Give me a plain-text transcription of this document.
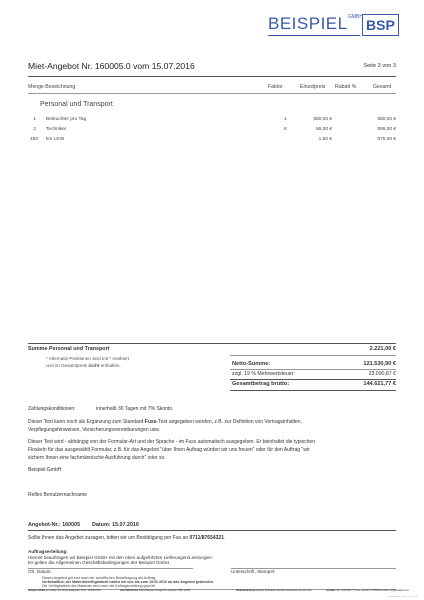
BEISPIEL GMBH BSP
Miet-Angebot Nr. 160005.0 vom 15.07.2016	Seite 3 von 3
Menge Bezeichnung	Faktor	Einzelpreis Rabatt %	Gesamt
Personal und Transport
1 Beleuchter pro Tag	1	650,00 €	650,00 €
2 Techniker	8	56,00 €	896,00 €
450 km LKW	1,50 €	675,00 €
Summe Personal und Transport	2.221,00 €
* Alternativ-Positionen sind mit * markiert
und im Gesamtpreis nicht enthalten.	Netto-Summe:	121.530,90 €
zzgl. 19 % Mehrwertsteuer:	23.090,87 €
Gesamtbetrag brutto:	144.621,77 €
Zahlungskonditionen:	innerhalb 30 Tagen mit 7% Skonto.
Dieser Text kann noch als Ergänzung zum Standard-Fuss-Text angegeben werden, z.B. zur Definition von Vertragsinhalten,
Verpflegungshinweisen, Versicherungsvereinbarungen usw.
Dieser Text wird - abhängig von der Formular-Art und der Sprache - im Fuss automatisch ausgegeben. Er beinhaltet die typischen
Floskeln für das ausgewählt Formular, z.B. für das Angebot "über Ihren Auftrag würden wir uns freuen" oder für den Auftrag "wir
sichern Ihnen eine fachmännische Ausführung durch" oder so.
Beispiel GmbH
Reflex Benutzernachname
Angebot-Nr.: 160005 Datum: 15.07.2016
Sollte Ihnen das Angebot zusagen, bitten wir um Bestätigung per Fax an 0711/87654321.
Auftragserteilung:
Hiermit beauftragen wir Beispiel GmbH mit den oben aufgeführten Lieferungen/Leistungen:
Es gelten die Allgemeinen Geschäftsbedingungen der Beispiel GmbH.
Ort, Datum:	Unterschrift, Stempel:
Dieses Angebot gilt erst nach der schriftlichen Beauftragung als Auftrag.
Vorbehaltlich der Materialverfügbarkeit halten wir uns bis zum 19.02.2016 an das Angebot gebunden.
Die Verfügbarkeit des Materials wird nach der Auftragserteilung geprüft.
Beispiel GmbH Au Straße 122 12345 Beispielort St.Nr. 1234567890	Geschäftsführer Betra Beispiel Amtsgericht: Beispiel HRB: 12345	Bankverbindung Beispiel Sparkasse ehedew wedewdew ojf owor oise	Kontakt: Tel.: 01234/87777 Fax: 01234/777555666 E-Mail: info@beispiel.com
Angebotsformular_Seite_3.rfx
